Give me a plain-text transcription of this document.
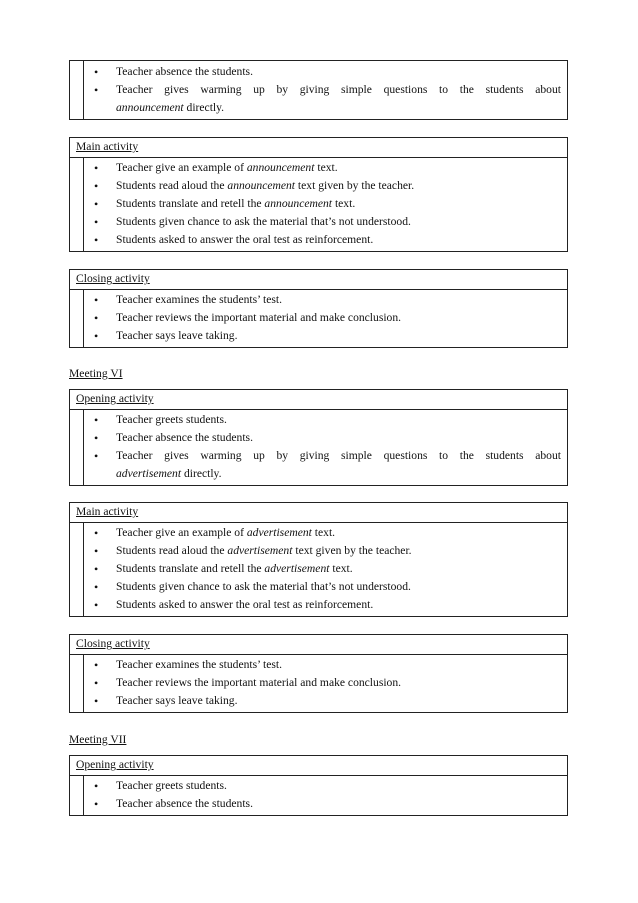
• Teacher absence the students.
• Teacher gives warming up by giving simple questions to the students about
announcement directly.
Main activity
• Teacher give an example of announcement text.
• Students read aloud the announcement text given by the teacher.
• Students translate and retell the announcement text.
• Students given chance to ask the material that’s not understood.
• Students asked to answer the oral test as reinforcement.
Closing activity
• Teacher examines the students’ test.
• Teacher reviews the important material and make conclusion.
• Teacher says leave taking.
Meeting VI
Opening activity
• Teacher greets students.
• Teacher absence the students.
• Teacher gives warming up by giving simple questions to the students about
advertisement directly.
Main activity
• Teacher give an example of advertisement text.
• Students read aloud the advertisement text given by the teacher.
• Students translate and retell the advertisement text.
• Students given chance to ask the material that’s not understood.
• Students asked to answer the oral test as reinforcement.
Closing activity
• Teacher examines the students’ test.
• Teacher reviews the important material and make conclusion.
• Teacher says leave taking.
Meeting VII
Opening activity
• Teacher greets students.
• Teacher absence the students.
